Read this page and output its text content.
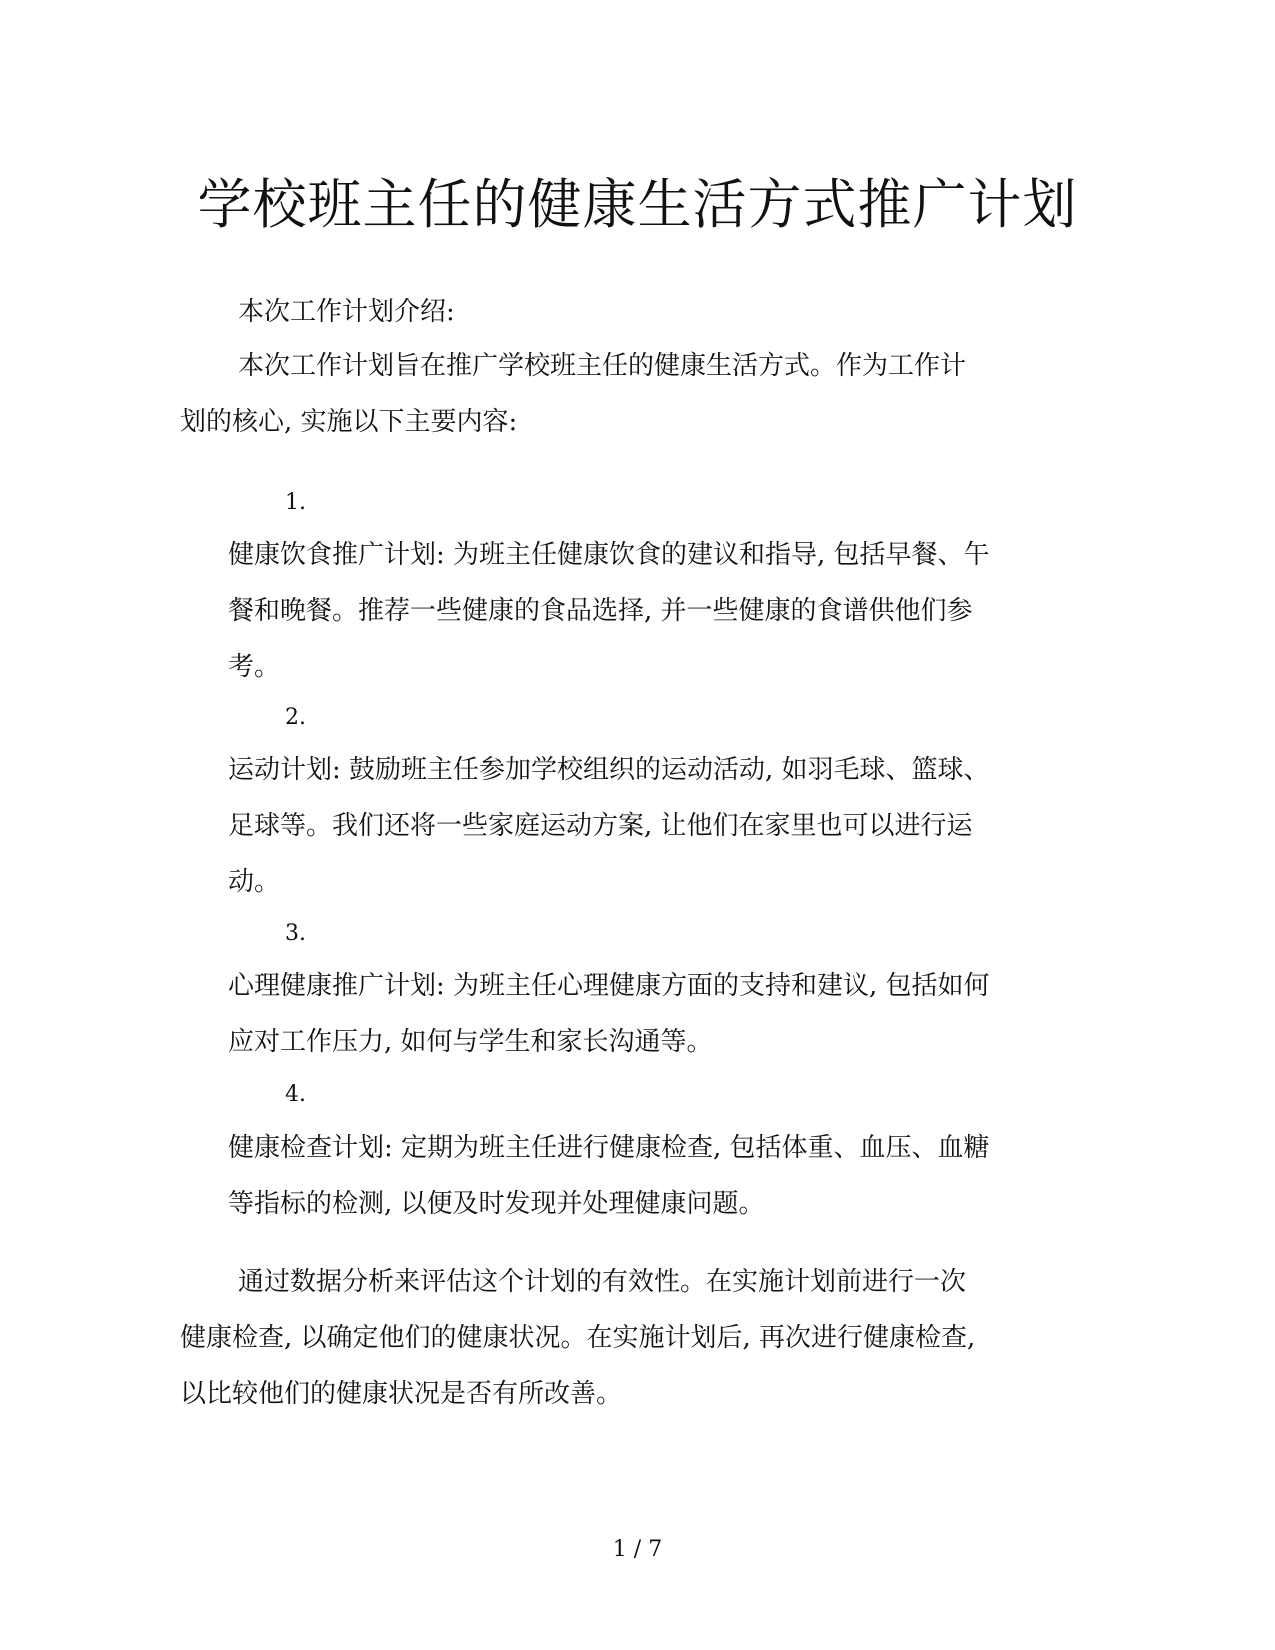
学校班主任的健康生活方式推广计划

本次工作计划介绍:

本次工作计划旨在推广学校班主任的健康生活方式。作为工作计
划的核心, 实施以下主要内容:

1.

健康饮食推广计划: 为班主任健康饮食的建议和指导, 包括早餐、午
餐和晚餐。推荐一些健康的食品选择, 并一些健康的食谱供他们参
考。

2.

运动计划: 鼓励班主任参加学校组织的运动活动, 如羽毛球、篮球、
足球等。我们还将一些家庭运动方案, 让他们在家里也可以进行运
动。

3.

心理健康推广计划: 为班主任心理健康方面的支持和建议, 包括如何
应对工作压力, 如何与学生和家长沟通等。

4.

健康检查计划: 定期为班主任进行健康检查, 包括体重、血压、血糖
等指标的检测, 以便及时发现并处理健康问题。
通过数据分析来评估这个计划的有效性。在实施计划前进行一次
健康检查, 以确定他们的健康状况。在实施计划后, 再次进行健康检查,
以比较他们的健康状况是否有所改善。
1 / 7
